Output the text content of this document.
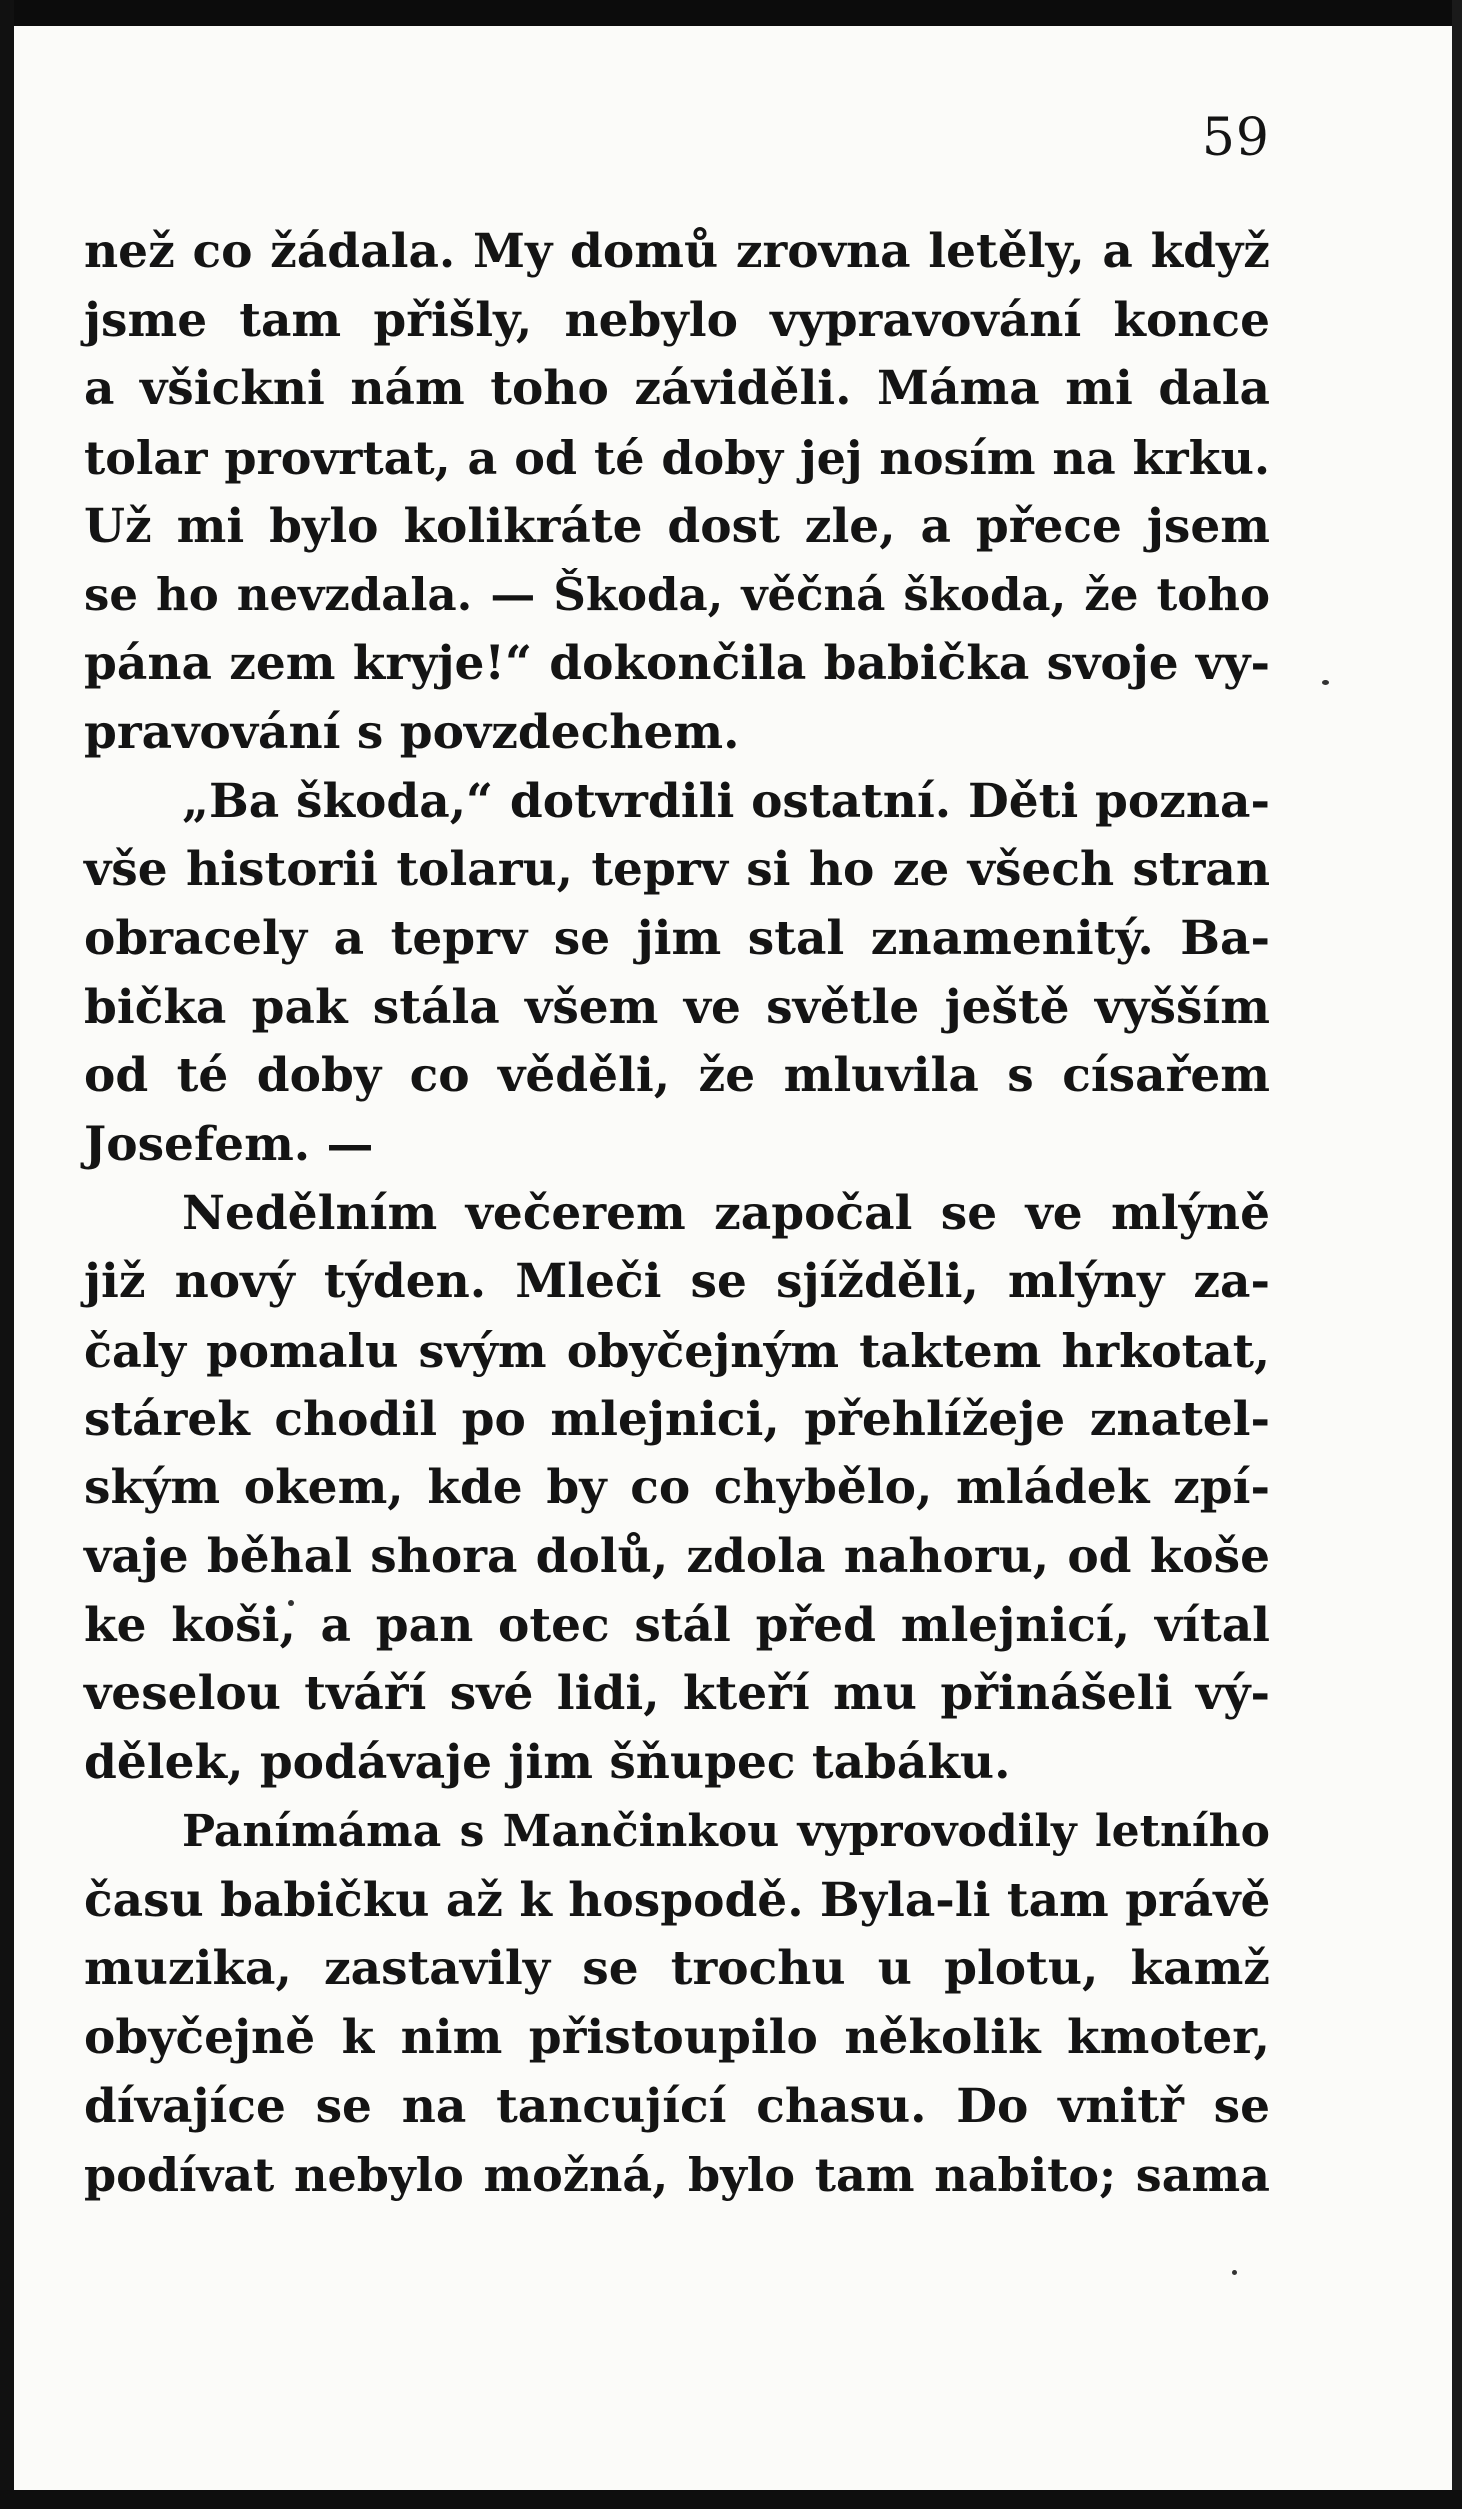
59
než co žádala. My domů zrovna letěly, a když
jsme tam přišly, nebylo vypravování konce
a všickni nám toho záviděli. Máma mi dala
tolar provrtat, a od té doby jej nosím na krku.
Už mi bylo kolikráte dost zle, a přece jsem
se ho nevzdala. — Škoda, věčná škoda, že toho
pána zem kryje!“ dokončila babička svoje vy-
pravování s povzdechem.
„Ba škoda,“ dotvrdili ostatní. Děti pozna-
vše historii tolaru, teprv si ho ze všech stran
obracely a teprv se jim stal znamenitý. Ba-
bička pak stála všem ve světle ještě vyšším
od té doby co věděli, že mluvila s císařem
Josefem. —
Nedělním večerem započal se ve mlýně
již nový týden. Mleči se sjížděli, mlýny za-
čaly pomalu svým obyčejným taktem hrkotat,
stárek chodil po mlejnici, přehlížeje znatel-
ským okem, kde by co chybělo, mládek zpí-
vaje běhal shora dolů, zdola nahoru, od koše
ke koši, a pan otec stál před mlejnicí, vítal
veselou tváří své lidi, kteří mu přinášeli vý-
dělek, podávaje jim šňupec tabáku.
Panímáma s Mančinkou vyprovodily letního
času babičku až k hospodě. Byla-li tam právě
muzika, zastavily se trochu u plotu, kamž
obyčejně k nim přistoupilo několik kmoter,
dívajíce se na tancující chasu. Do vnitř se
podívat nebylo možná, bylo tam nabito; sama
